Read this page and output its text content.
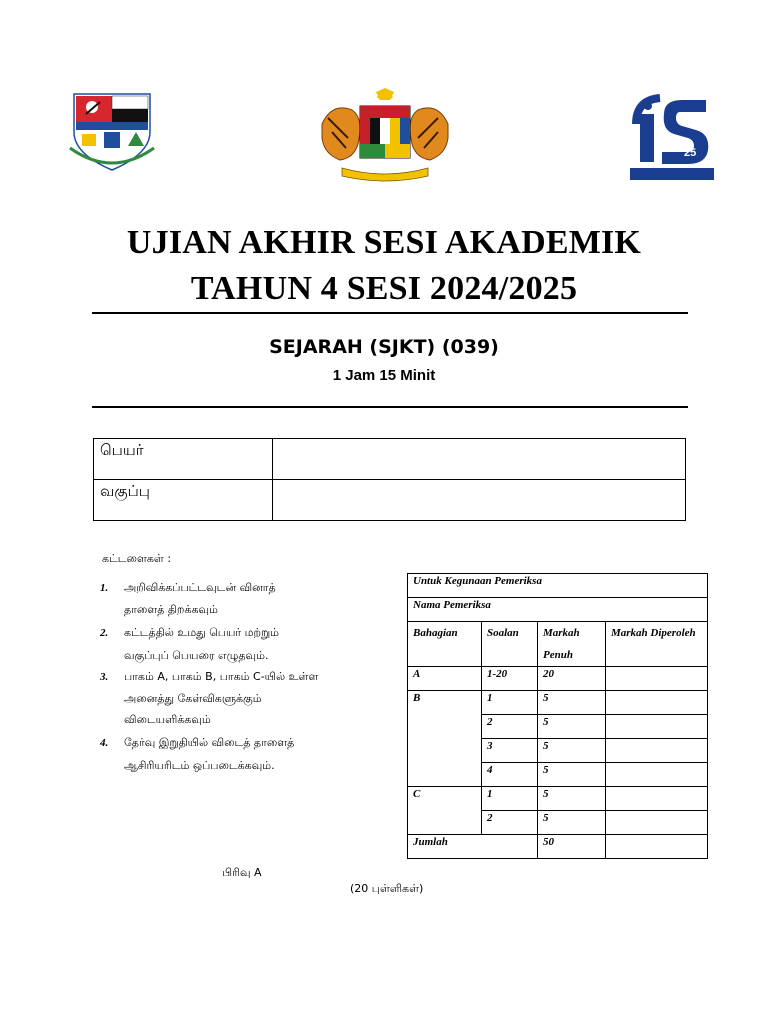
25
UJIAN AKHIR SESI AKADEMIK
TAHUN 4 SESI 2024/2025
SEJARAH (SJKT) (039)
1 Jam 15 Minit
பெயர்	
வகுப்பு	
கட்டளைகள் :
1. அறிவிக்கப்பட்டவுடன் வினாத்
தாளைத் திறக்கவும்
2. கட்டத்தில் உமது பெயர் மற்றும்
வகுப்புப் பெயரை எழுதவும்.
3. பாகம் A, பாகம் B, பாகம் C-யில் உள்ள
அனைத்து கேள்விகளுக்கும்
விடையளிக்கவும்
4. தேர்வு இறுதியில் விடைத் தாளைத்
ஆசிரியரிடம் ஒப்படைக்கவும்.
பிரிவு A
(20 புள்ளிகள்)
Untuk Kegunaan Pemeriksa			
Nama Pemeriksa			
Bahagian	Soalan	Markah Penuh	Markah Diperoleh
A	1-20	20	
B	1	5	
	2	5	
	3	5	
	4	5	
C	1	5	
	2	5	
Jumlah		50	
